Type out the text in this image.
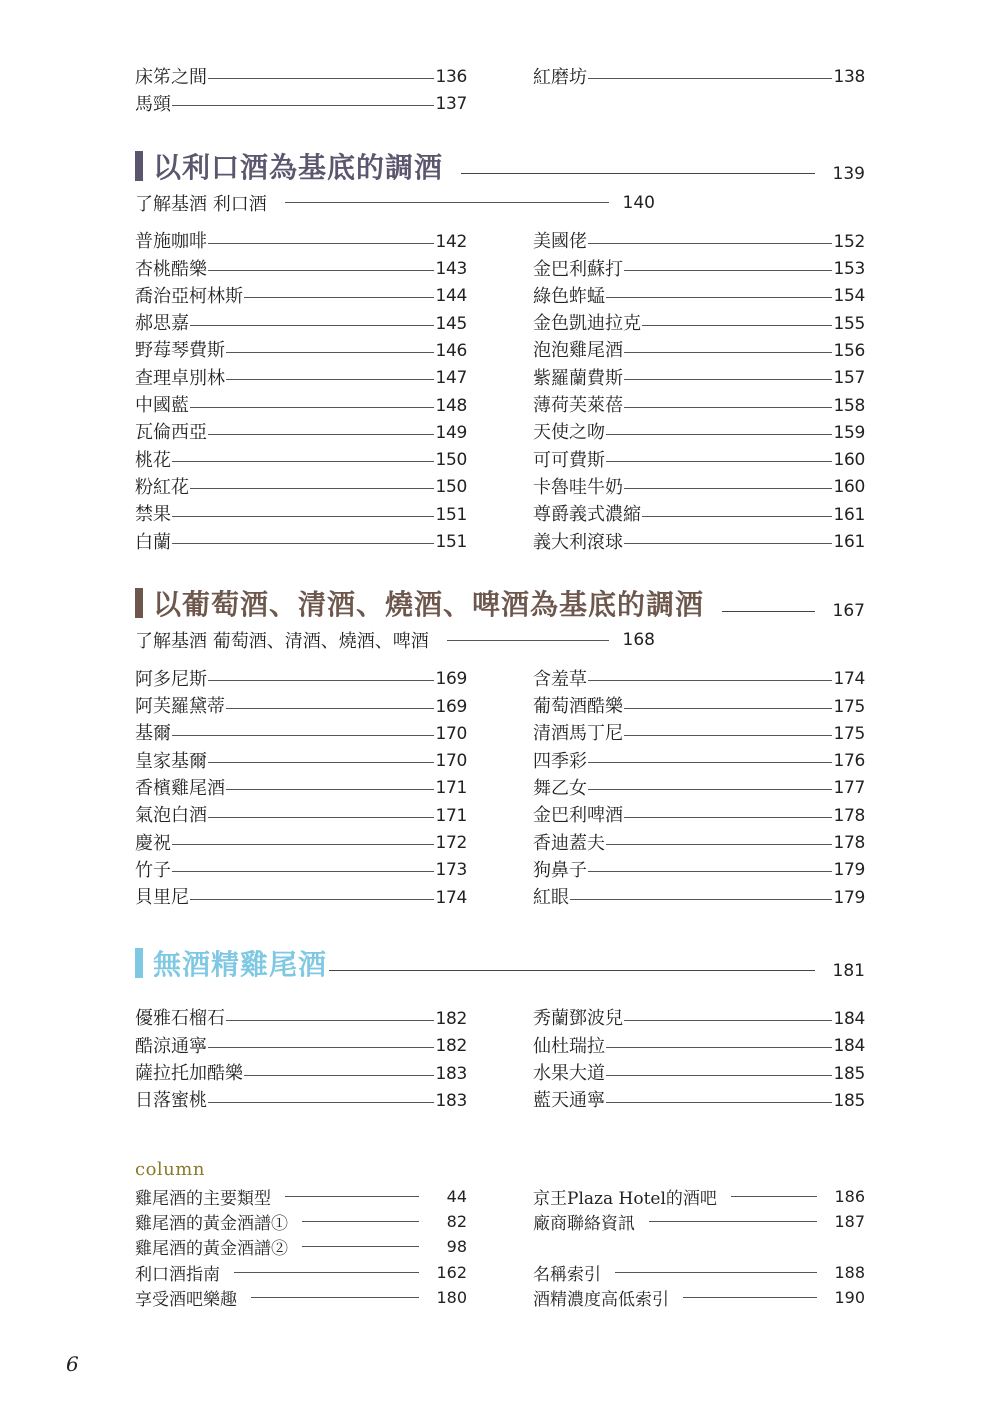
床笫之間	136
馬頸	137
紅磨坊	138
以利口酒為基底的調酒	139
了解基酒 利口酒	140
普施咖啡	142
杏桃酷樂	143
喬治亞柯林斯	144
郝思嘉	145
野莓琴費斯	146
查理卓別林	147
中國藍	148
瓦倫西亞	149
桃花	150
粉紅花	150
禁果	151
白蘭	151
美國佬	152
金巴利蘇打	153
綠色蚱蜢	154
金色凱迪拉克	155
泡泡雞尾酒	156
紫羅蘭費斯	157
薄荷芙萊蓓	158
天使之吻	159
可可費斯	160
卡魯哇牛奶	160
尊爵義式濃縮	161
義大利滾球	161
以葡萄酒、清酒、燒酒、啤酒為基底的調酒	167
了解基酒 葡萄酒、清酒、燒酒、啤酒	168
阿多尼斯	169
阿芙羅黛蒂	169
基爾	170
皇家基爾	170
香檳雞尾酒	171
氣泡白酒	171
慶祝	172
竹子	173
貝里尼	174
含羞草	174
葡萄酒酷樂	175
清酒馬丁尼	175
四季彩	176
舞乙女	177
金巴利啤酒	178
香迪蓋夫	178
狗鼻子	179
紅眼	179
無酒精雞尾酒	181
優雅石榴石	182
酷涼通寧	182
薩拉托加酷樂	183
日落蜜桃	183
秀蘭鄧波兒	184
仙杜瑞拉	184
水果大道	185
藍天通寧	185
column
雞尾酒的主要類型	44
雞尾酒的黃金酒譜①	82
雞尾酒的黃金酒譜②	98
利口酒指南	162
享受酒吧樂趣	180
京王Plaza Hotel的酒吧	186
廠商聯絡資訊	187
名稱索引	188
酒精濃度高低索引	190
6
